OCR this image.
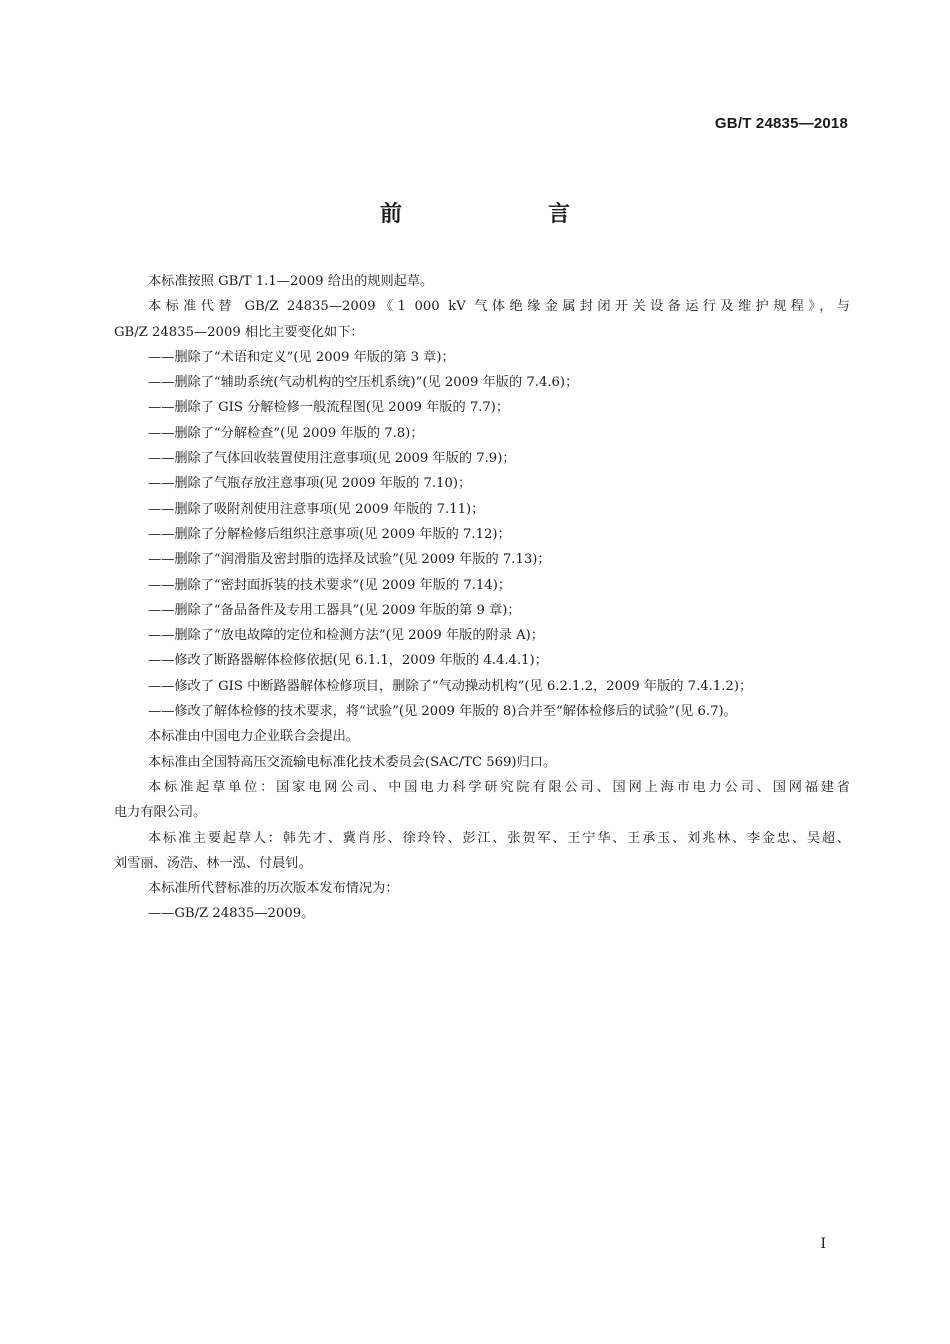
GB/T 24835—2018
前　言

本标准按照 GB/T 1.1—2009 给出的规则起草。

本标准代替 GB/Z 24835—2009《1 000 kV 气体绝缘金属封闭开关设备运行及维护规程》，与

GB/Z 24835—2009 相比主要变化如下：

——删除了“术语和定义”(见 2009 年版的第 3 章)；

——删除了“辅助系统(气动机构的空压机系统)”(见 2009 年版的 7.4.6)；

——删除了 GIS 分解检修一般流程图(见 2009 年版的 7.7)；

——删除了“分解检查”(见 2009 年版的 7.8)；

——删除了气体回收装置使用注意事项(见 2009 年版的 7.9)；

——删除了气瓶存放注意事项(见 2009 年版的 7.10)；

——删除了吸附剂使用注意事项(见 2009 年版的 7.11)；

——删除了分解检修后组织注意事项(见 2009 年版的 7.12)；

——删除了“润滑脂及密封脂的选择及试验”(见 2009 年版的 7.13)；

——删除了“密封面拆装的技术要求”(见 2009 年版的 7.14)；

——删除了“备品备件及专用工器具”(见 2009 年版的第 9 章)；

——删除了“放电故障的定位和检测方法”(见 2009 年版的附录 A)；

——修改了断路器解体检修依据(见 6.1.1，2009 年版的 4.4.4.1)；

——修改了 GIS 中断路器解体检修项目，删除了“气动操动机构”(见 6.2.1.2，2009 年版的 7.4.1.2)；

——修改了解体检修的技术要求，将“试验”(见 2009 年版的 8)合并至“解体检修后的试验”(见 6.7)。

本标准由中国电力企业联合会提出。

本标准由全国特高压交流输电标准化技术委员会(SAC/TC 569)归口。

本标准起草单位：国家电网公司、中国电力科学研究院有限公司、国网上海市电力公司、国网福建省

电力有限公司。

本标准主要起草人：韩先才、冀肖彤、徐玲铃、彭江、张贺军、王宁华、王承玉、刘兆林、李金忠、吴超、

刘雪丽、汤浩、林一泓、付晨钊。

本标准所代替标准的历次版本发布情况为：

——GB/Z 24835—2009。

I
